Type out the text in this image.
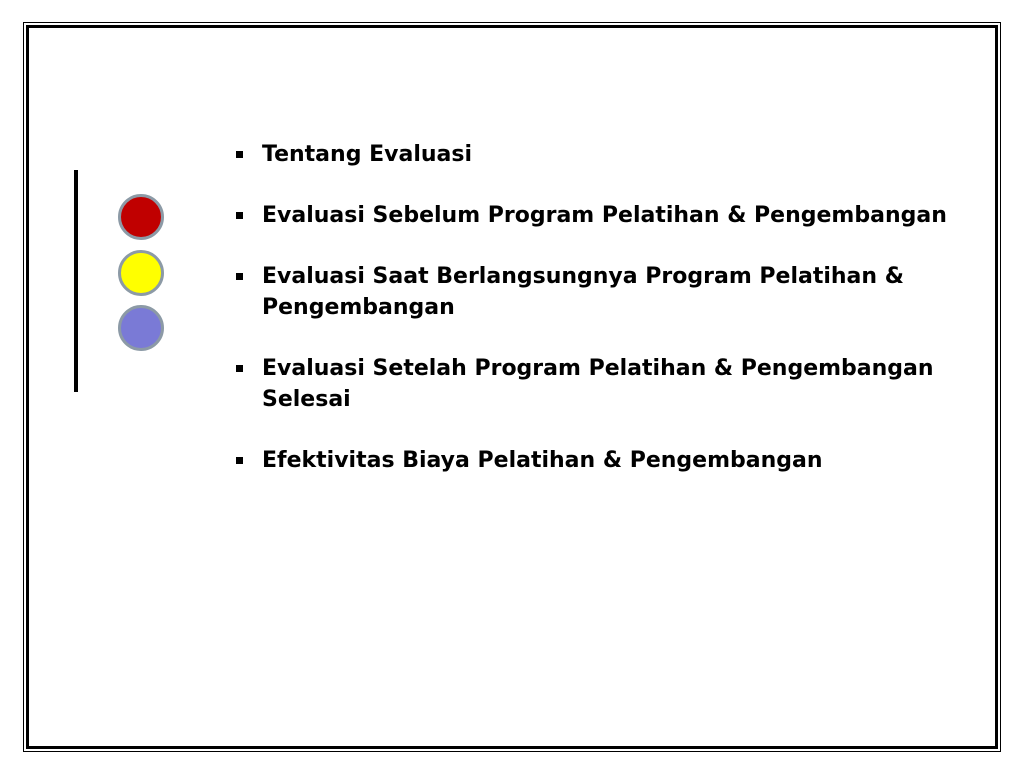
Tentang Evaluasi
Evaluasi Sebelum Program Pelatihan & Pengembangan
Evaluasi Saat Berlangsungnya Program Pelatihan & Pengembangan
Evaluasi Setelah Program Pelatihan & Pengembangan Selesai
Efektivitas Biaya Pelatihan & Pengembangan
